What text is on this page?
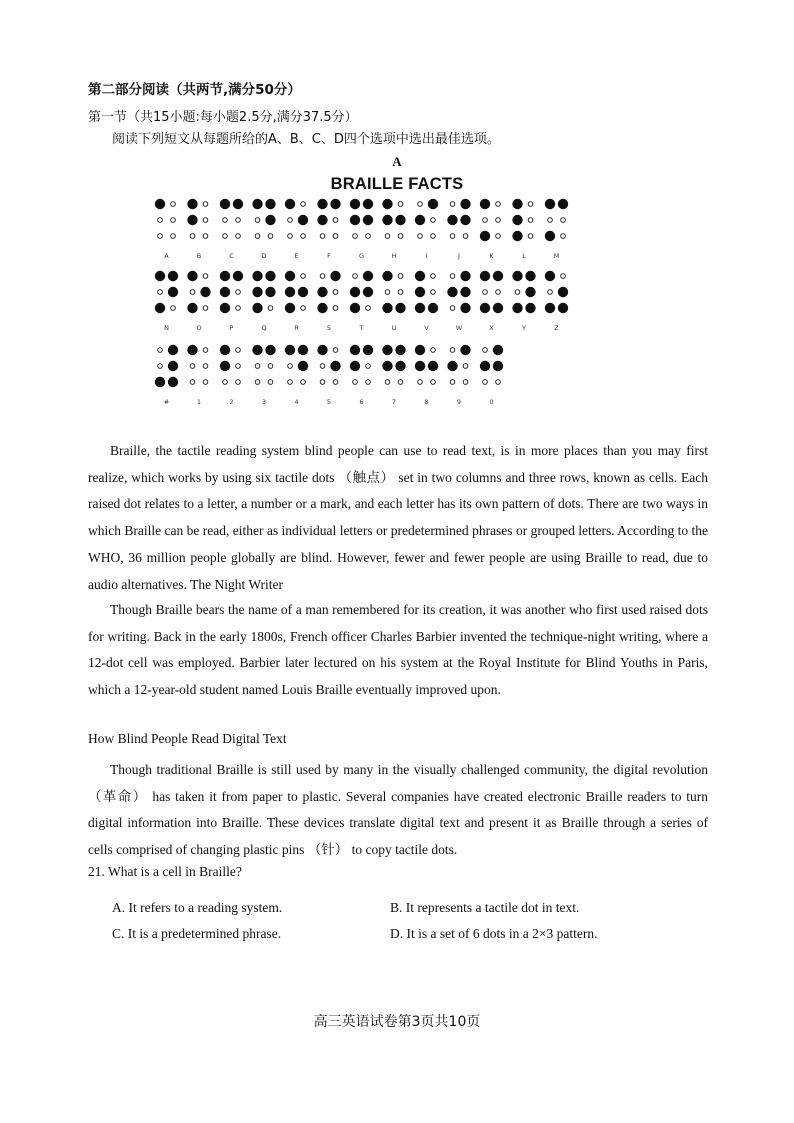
第二部分阅读（共两节,满分50分）
第一节（共15小题:每小题2.5分,满分37.5分）
阅读下列短文从每题所给的A、B、C、D四个选项中选出最佳选项。
A
BRAILLE FACTS
A	B	C	D	E	F	G	H	I	J	K	L	M
N	O	P	Q	R	S	T	U	V	W	X	Y	Z
#	1	2	3	4	5	6	7	8	9	0
Braille, the tactile reading system blind people can use to read text, is in more places than you may first realize, which works by using six tactile dots （触点） set in two columns and three rows, known as cells. Each raised dot relates to a letter, a number or a mark, and each letter has its own pattern of dots. There are two ways in which Braille can be read, either as individual letters or predetermined phrases or grouped letters. According to the WHO, 36 million people globally are blind. However, fewer and fewer people are using Braille to read, due to audio alternatives. The Night Writer
Though Braille bears the name of a man remembered for its creation, it was another who first used raised dots for writing. Back in the early 1800s, French officer Charles Barbier invented the technique-night writing, where a 12-dot cell was employed. Barbier later lectured on his system at the Royal Institute for Blind Youths in Paris, which a 12-year-old student named Louis Braille eventually improved upon.
How Blind People Read Digital Text
Though traditional Braille is still used by many in the visually challenged community, the digital revolution （革命） has taken it from paper to plastic. Several companies have created electronic Braille readers to turn digital information into Braille. These devices translate digital text and present it as Braille through a series of cells comprised of changing plastic pins （针） to copy tactile dots.
21. What is a cell in Braille?
A. It refers to a reading system.	B. It represents a tactile dot in text.
C. It is a predetermined phrase.	D. It is a set of 6 dots in a 2×3 pattern.
高三英语试卷第3页共10页
